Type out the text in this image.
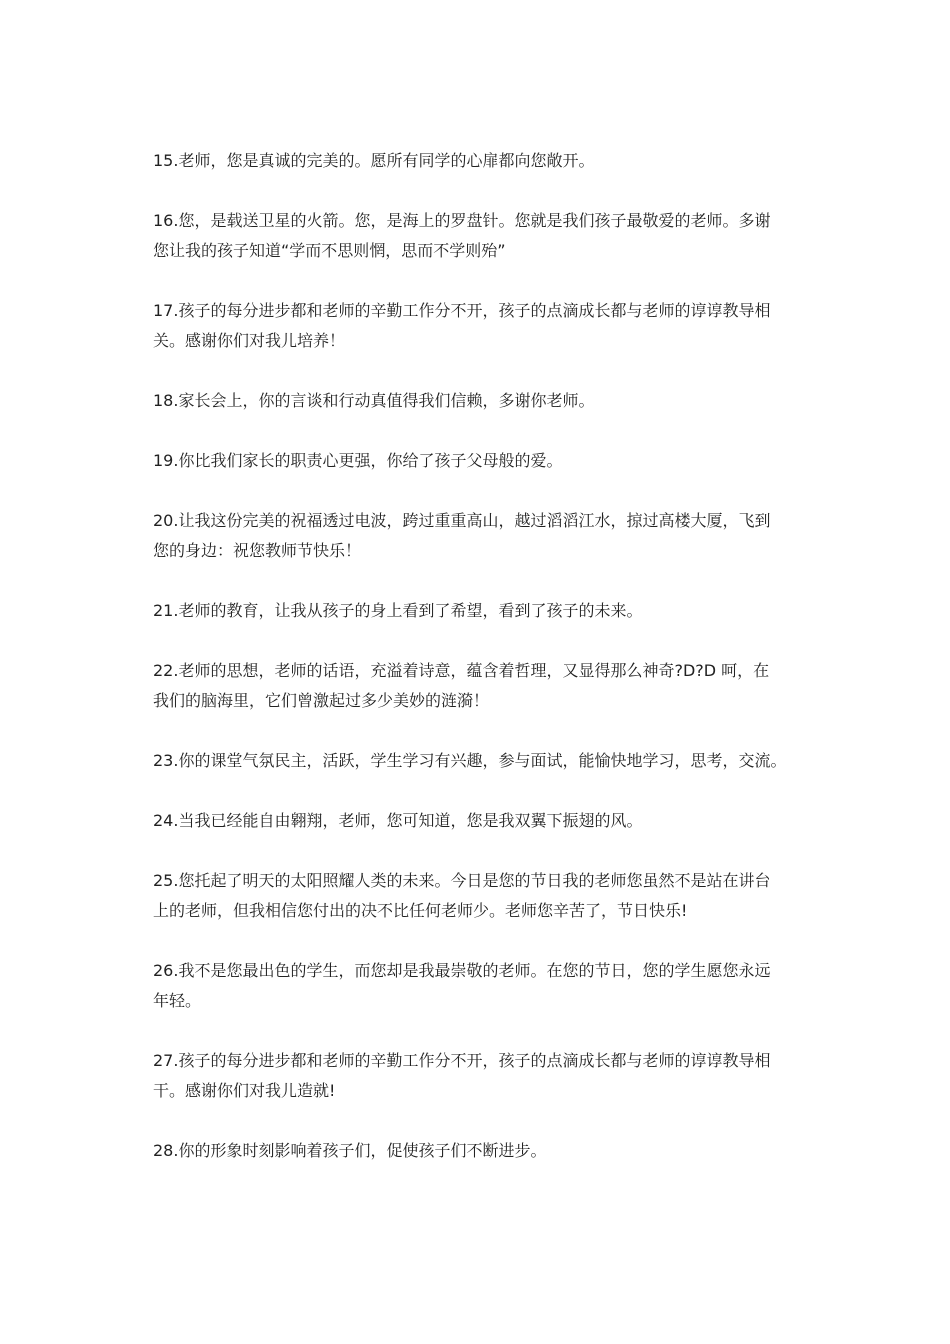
15.老师，您是真诚的完美的。愿所有同学的心扉都向您敞开。

16.您，是载送卫星的火箭。您，是海上的罗盘针。您就是我们孩子最敬爱的老师。多谢
您让我的孩子知道“学而不思则惘，思而不学则殆”

17.孩子的每分进步都和老师的辛勤工作分不开，孩子的点滴成长都与老师的谆谆教导相
关。感谢你们对我儿培养！

18.家长会上，你的言谈和行动真值得我们信赖，多谢你老师。

19.你比我们家长的职责心更强，你给了孩子父母般的爱。

20.让我这份完美的祝福透过电波，跨过重重高山，越过滔滔江水，掠过高楼大厦，飞到
您的身边：祝您教师节快乐！

21.老师的教育，让我从孩子的身上看到了希望，看到了孩子的未来。

22.老师的思想，老师的话语，充溢着诗意，蕴含着哲理，又显得那么神奇?D?D 呵，在
我们的脑海里，它们曾激起过多少美妙的涟漪！

23.你的课堂气氛民主，活跃，学生学习有兴趣，参与面试，能愉快地学习，思考，交流。

24.当我已经能自由翱翔，老师，您可知道，您是我双翼下振翅的风。

25.您托起了明天的太阳照耀人类的未来。今日是您的节日我的老师您虽然不是站在讲台
上的老师，但我相信您付出的决不比任何老师少。老师您辛苦了，节日快乐!

26.我不是您最出色的学生，而您却是我最崇敬的老师。在您的节日，您的学生愿您永远
年轻。

27.孩子的每分进步都和老师的辛勤工作分不开，孩子的点滴成长都与老师的谆谆教导相
干。感谢你们对我儿造就!

28.你的形象时刻影响着孩子们，促使孩子们不断进步。
